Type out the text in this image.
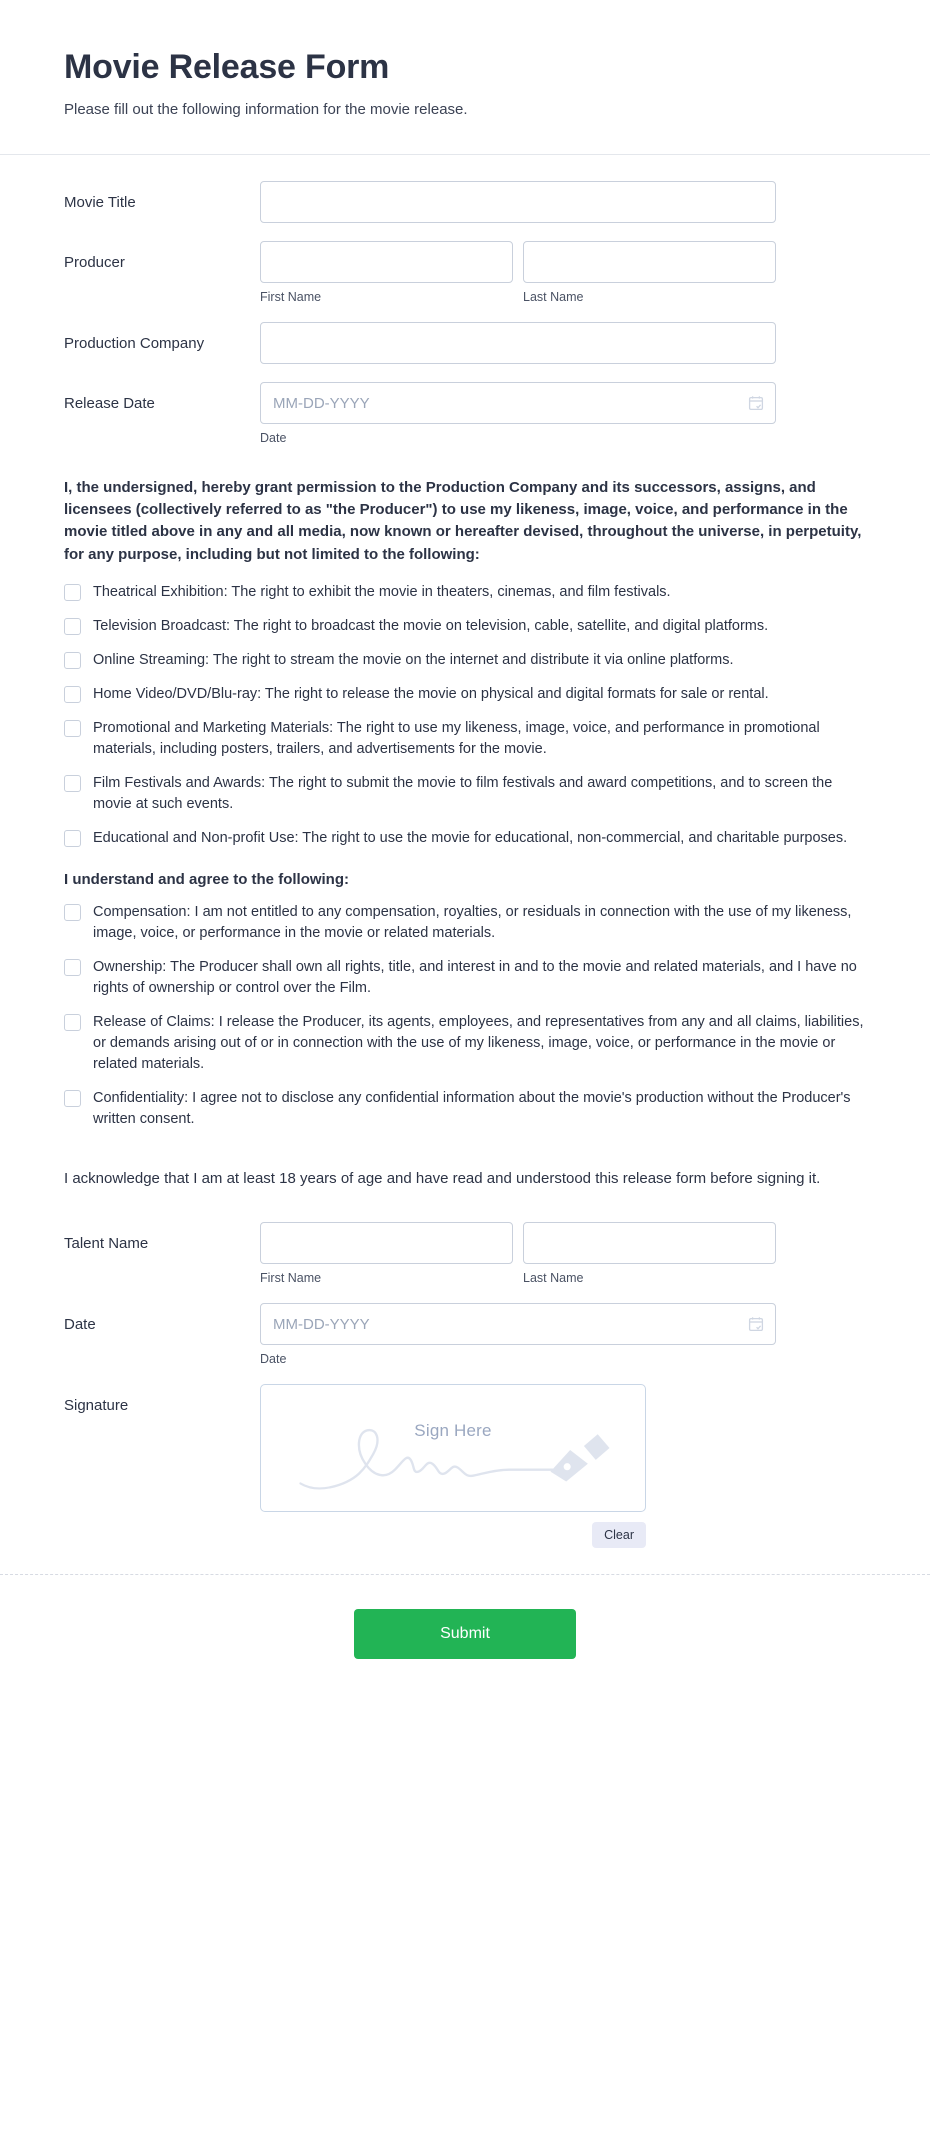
Movie Release Form

Please fill out the following information for the movie release.

Movie Title
Producer
First Name	Last Name
Production Company
Release Date
MM-DD-YYYY
Date

I, the undersigned, hereby grant permission to the Production Company and its successors, assigns, and licensees (collectively referred to as "the Producer") to use my likeness, image, voice, and performance in the movie titled above in any and all media, now known or hereafter devised, throughout the universe, in perpetuity, for any purpose, including but not limited to the following:

Theatrical Exhibition: The right to exhibit the movie in theaters, cinemas, and film festivals.
Television Broadcast: The right to broadcast the movie on television, cable, satellite, and digital platforms.
Online Streaming: The right to stream the movie on the internet and distribute it via online platforms.
Home Video/DVD/Blu-ray: The right to release the movie on physical and digital formats for sale or rental.
Promotional and Marketing Materials: The right to use my likeness, image, voice, and performance in promotional materials, including posters, trailers, and advertisements for the movie.
Film Festivals and Awards: The right to submit the movie to film festivals and award competitions, and to screen the movie at such events.
Educational and Non-profit Use: The right to use the movie for educational, non-commercial, and charitable purposes.
I understand and agree to the following:
Compensation: I am not entitled to any compensation, royalties, or residuals in connection with the use of my likeness, image, voice, or performance in the movie or related materials.
Ownership: The Producer shall own all rights, title, and interest in and to the movie and related materials, and I have no rights of ownership or control over the Film.
Release of Claims: I release the Producer, its agents, employees, and representatives from any and all claims, liabilities, or demands arising out of or in connection with the use of my likeness, image, voice, or performance in the movie or related materials.
Confidentiality: I agree not to disclose any confidential information about the movie's production without the Producer's written consent.

I acknowledge that I am at least 18 years of age and have read and understood this release form before signing it.

Talent Name
First Name	Last Name
Date
MM-DD-YYYY
Date
Signature
Sign Here
Clear
Submit
